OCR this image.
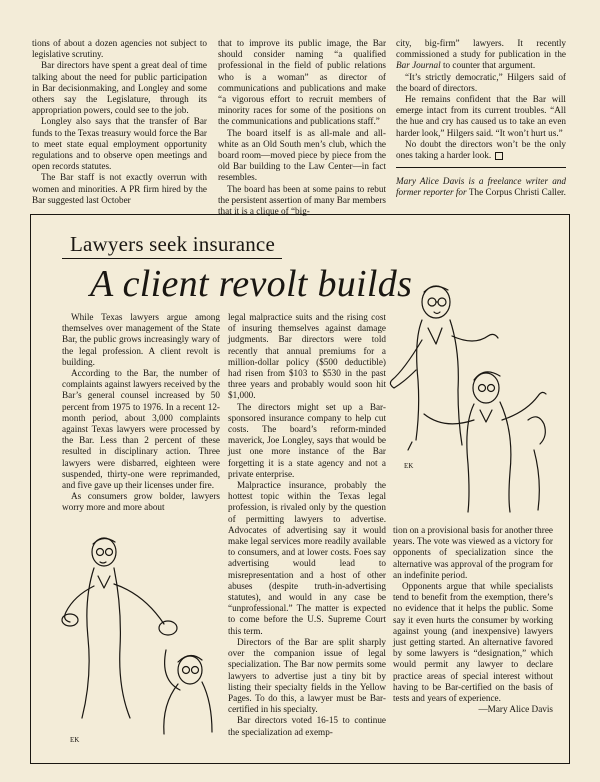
tions of about a dozen agencies not subject to legislative scrutiny.

Bar directors have spent a great deal of time talking about the need for public participation in Bar decisionmaking, and Longley and some others say the Legislature, through its appropriation powers, could see to the job.

Longley also says that the transfer of Bar funds to the Texas treasury would force the Bar to meet state equal employment opportunity regulations and to observe open meetings and open records statutes.

The Bar staff is not exactly overrun with women and minorities. A PR firm hired by the Bar suggested last October

that to improve its public image, the Bar should consider naming “a qualified professional in the field of public relations who is a woman” as director of communications and publications and make “a vigorous effort to recruit members of minority races for some of the positions on the communications and publications staff.”

The board itself is as all-male and all-white as an Old South men’s club, which the board room—moved piece by piece from the old Bar building to the Law Center—in fact resembles.

The board has been at some pains to rebut the persistent assertion of many Bar members that it is a clique of “big-

city, big-firm” lawyers. It recently commissioned a study for publication in the Bar Journal to counter that argument.

“It’s strictly democratic,” Hilgers said of the board of directors.

He remains confident that the Bar will emerge intact from its current troubles. “All the hue and cry has caused us to take an even harder look,” Hilgers said. “It won’t hurt us.”

No doubt the directors won’t be the only ones taking a harder look.

Mary Alice Davis is a freelance writer and former reporter for The Corpus Christi Caller.

Lawyers seek insurance
A client revolt builds

While Texas lawyers argue among themselves over management of the State Bar, the public grows increasingly wary of the legal profession. A client revolt is building.

According to the Bar, the number of complaints against lawyers received by the Bar’s general counsel increased by 50 percent from 1975 to 1976. In a recent 12-month period, about 3,000 complaints against Texas lawyers were processed by the Bar. Less than 2 percent of these resulted in disciplinary action. Three lawyers were disbarred, eighteen were suspended, thirty-one were reprimanded, and five gave up their licenses under fire.

As consumers grow bolder, lawyers worry more and more about

legal malpractice suits and the rising cost of insuring themselves against damage judgments. Bar directors were told recently that annual premiums for a million-dollar policy ($500 deductible) had risen from $103 to $530 in the past three years and probably would soon hit $1,000.

The directors might set up a Bar-sponsored insurance company to help cut costs. The board’s reform-minded maverick, Joe Longley, says that would be just one more instance of the Bar forgetting it is a state agency and not a private enterprise.

Malpractice insurance, probably the hottest topic within the Texas legal profession, is rivaled only by the question of permitting lawyers to advertise. Advocates of advertising say it would make legal services more readily available to consumers, and at lower costs. Foes say advertising would lead to misrepresentation and a host of other abuses (despite truth-in-advertising statutes), and would in any case be “unprofessional.” The matter is expected to come before the U.S. Supreme Court this term.

Directors of the Bar are split sharply over the companion issue of legal specialization. The Bar now permits some lawyers to advertise just a tiny bit by listing their specialty fields in the Yellow Pages. To do this, a lawyer must be Bar-certified in his specialty.

Bar directors voted 16-15 to continue the specialization ad exemp-

tion on a provisional basis for another three years. The vote was viewed as a victory for opponents of specialization since the alternative was approval of the program for an indefinite period.

Opponents argue that while specialists tend to benefit from the exemption, there’s no evidence that it helps the public. Some say it even hurts the consumer by working against young (and inexpensive) lawyers just getting started. An alternative favored by some lawyers is “designation,” which would permit any lawyer to declare practice areas of special interest without having to be Bar-certified on the basis of tests and years of experience.

—Mary Alice Davis

EK
EK
